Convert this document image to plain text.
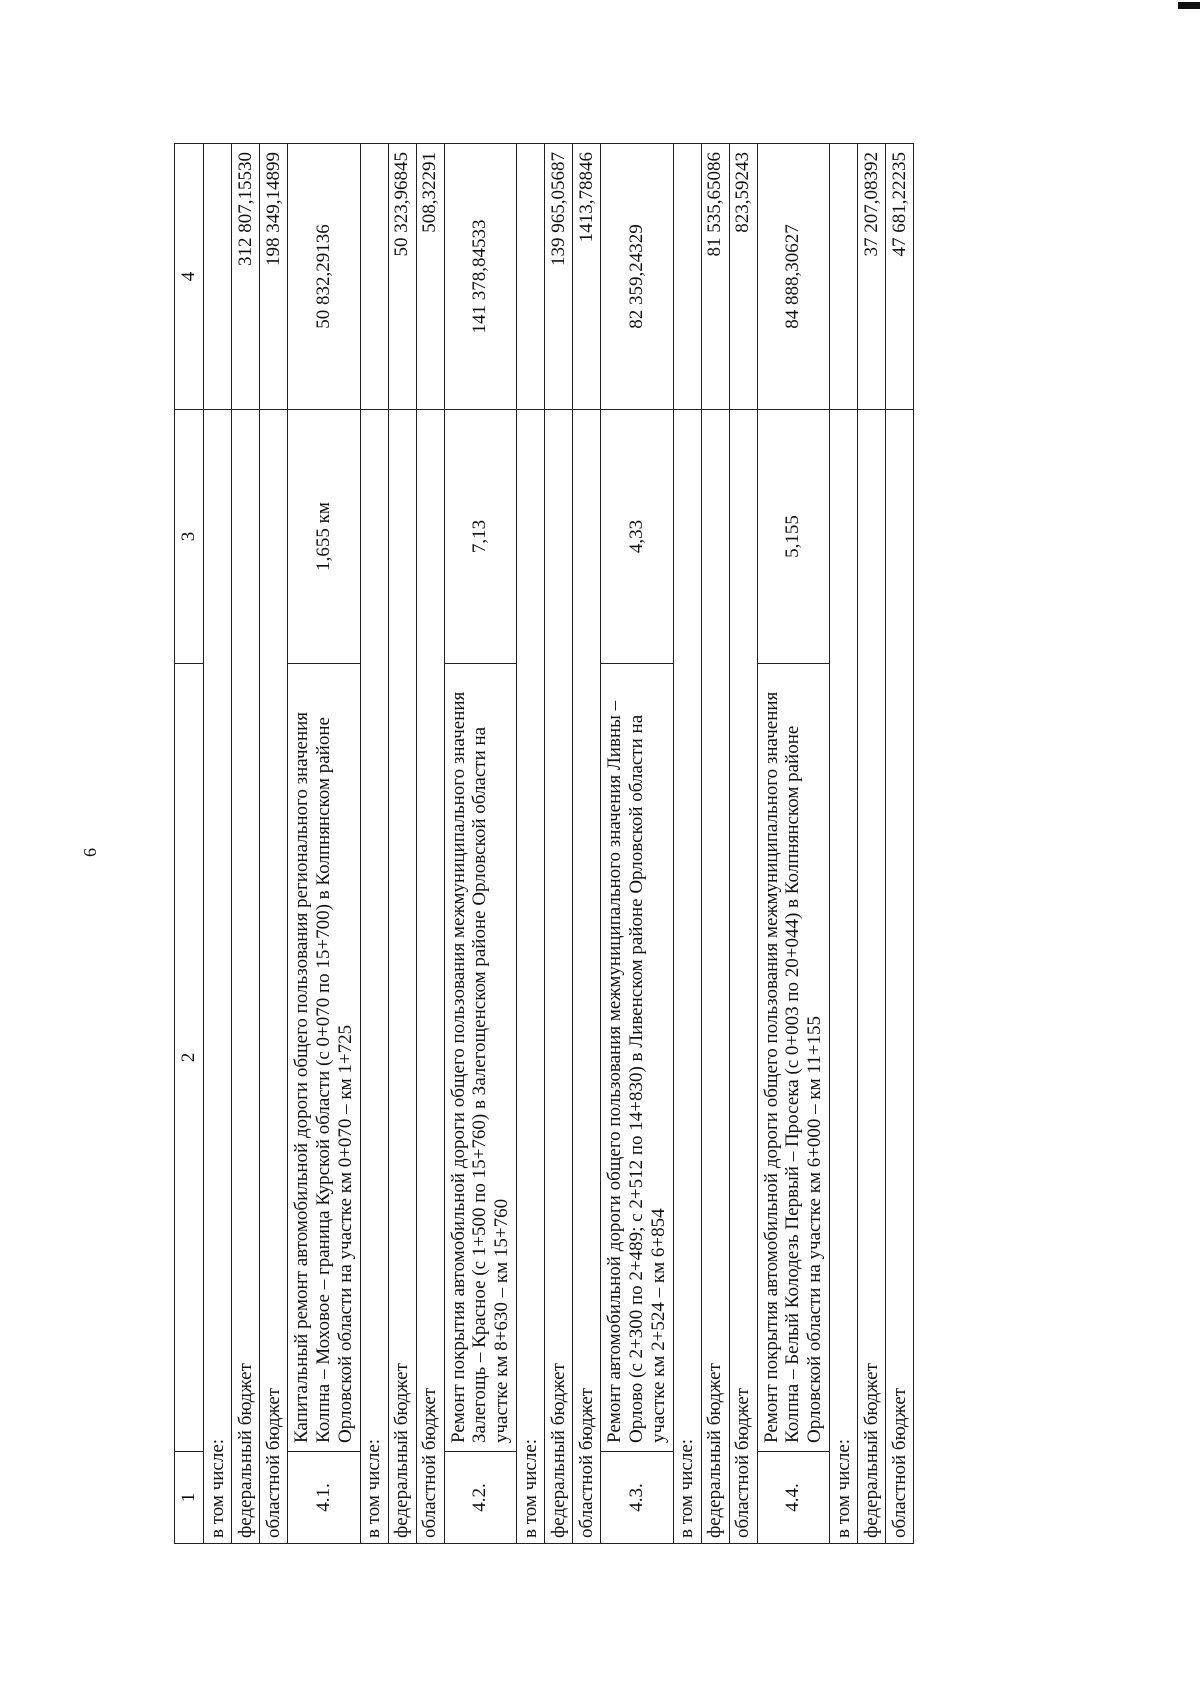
6
1	2	3	4
в том числе:			
федеральный бюджет			312 807,15530
областной бюджет			198 349,14899
4.1.	Капитальный ремонт автомобильной дороги общего пользования регионального значения Колпна – Моховое – граница Курской области (с 0+070 по 15+700) в Колпнянском районе Орловской области на участке км 0+070 – км 1+725	1,655 км	50 832,29136
в том числе:			
федеральный бюджет			50 323,96845
областной бюджет			508,32291
4.2.	Ремонт покрытия автомобильной дороги общего пользования межмуниципального значения Залегощь – Красное (с 1+500 по 15+760) в Залегощенском районе Орловской области на участке км 8+630 – км 15+760	7,13	141 378,84533
в том числе:			
федеральный бюджет			139 965,05687
областной бюджет			1413,78846
4.3.	Ремонт автомобильной дороги общего пользования межмуниципального значения Ливны – Орлово (с 2+300 по 2+489; с 2+512 по 14+830) в Ливенском районе Орловской области на участке км 2+524 – км 6+854	4,33	82 359,24329
в том числе:			
федеральный бюджет			81 535,65086
областной бюджет			823,59243
4.4.	Ремонт покрытия автомобильной дороги общего пользования межмуниципального значения Колпна – Белый Колодезь Первый – Просека (с 0+003 по 20+044) в Колпнянском районе Орловской области на участке км 6+000 – км 11+155	5,155	84 888,30627
в том числе:			
федеральный бюджет			37 207,08392
областной бюджет			47 681,22235
